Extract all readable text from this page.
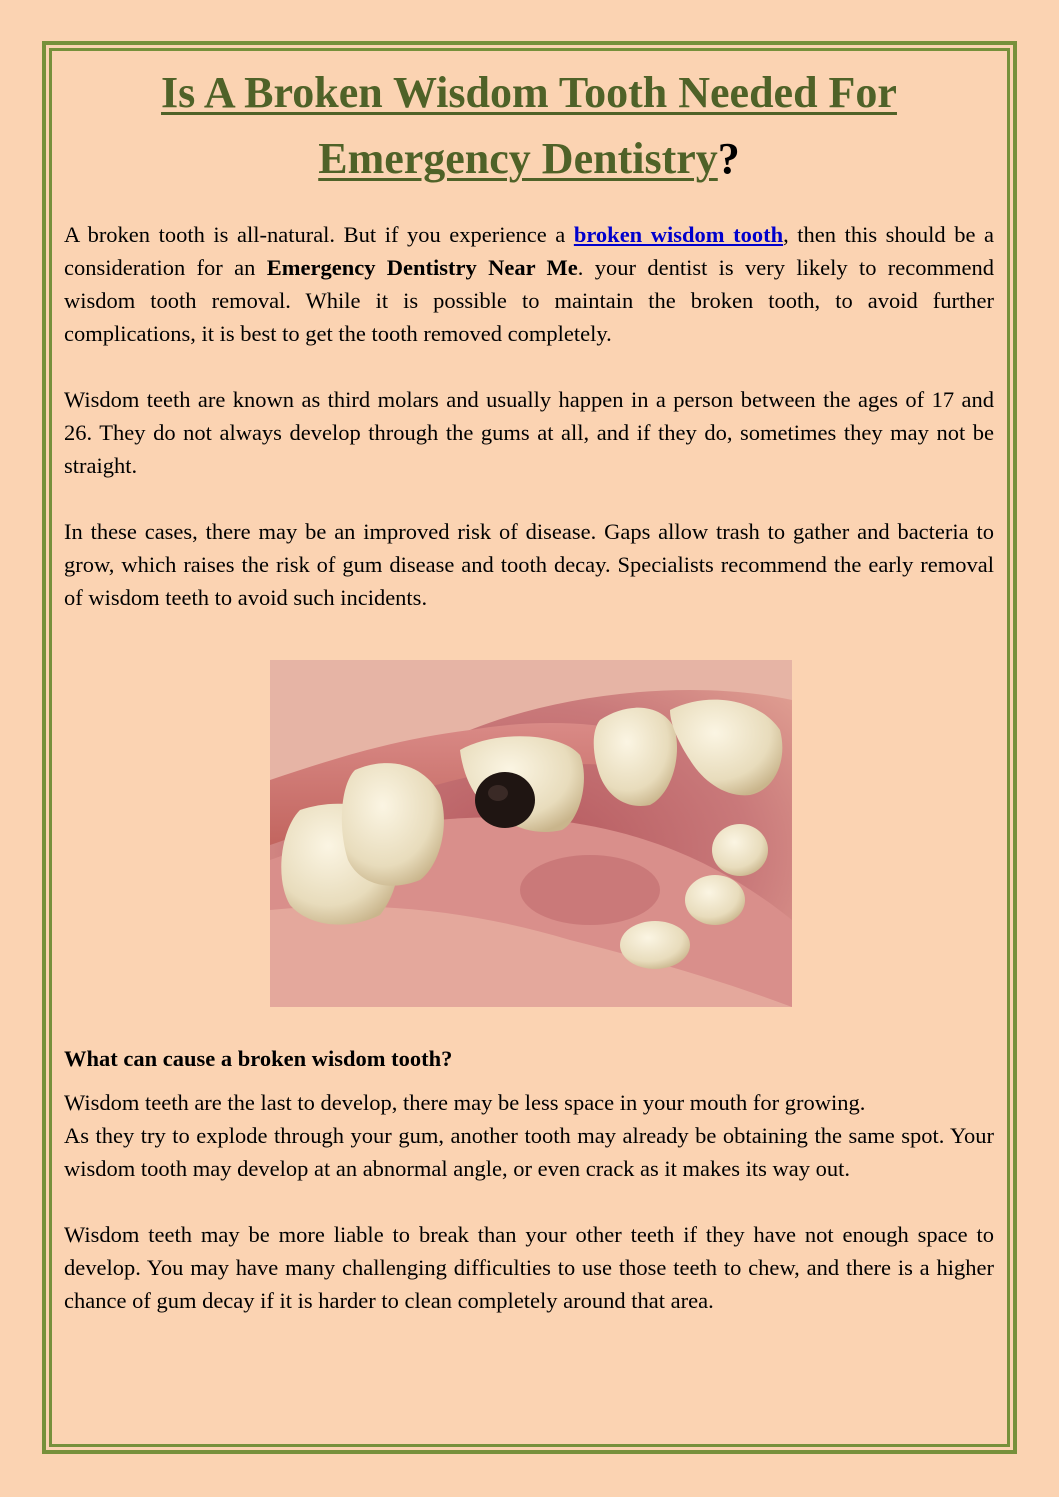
Is A Broken Wisdom Tooth Needed For
Emergency Dentistry?

A broken tooth is all-natural. But if you experience a broken wisdom tooth, then this should be a consideration for an Emergency Dentistry Near Me. your dentist is very likely to recommend wisdom tooth removal. While it is possible to maintain the broken tooth, to avoid further complications, it is best to get the tooth removed completely.

Wisdom teeth are known as third molars and usually happen in a person between the ages of 17 and 26. They do not always develop through the gums at all, and if they do, sometimes they may not be straight.

In these cases, there may be an improved risk of disease. Gaps allow trash to gather and bacteria to grow, which raises the risk of gum disease and tooth decay. Specialists recommend the early removal of wisdom teeth to avoid such incidents.

What can cause a broken wisdom tooth?

Wisdom teeth are the last to develop, there may be less space in your mouth for growing.

As they try to explode through your gum, another tooth may already be obtaining the same spot. Your wisdom tooth may develop at an abnormal angle, or even crack as it makes its way out.

Wisdom teeth may be more liable to break than your other teeth if they have not enough space to develop. You may have many challenging difficulties to use those teeth to chew, and there is a higher chance of gum decay if it is harder to clean completely around that area.
